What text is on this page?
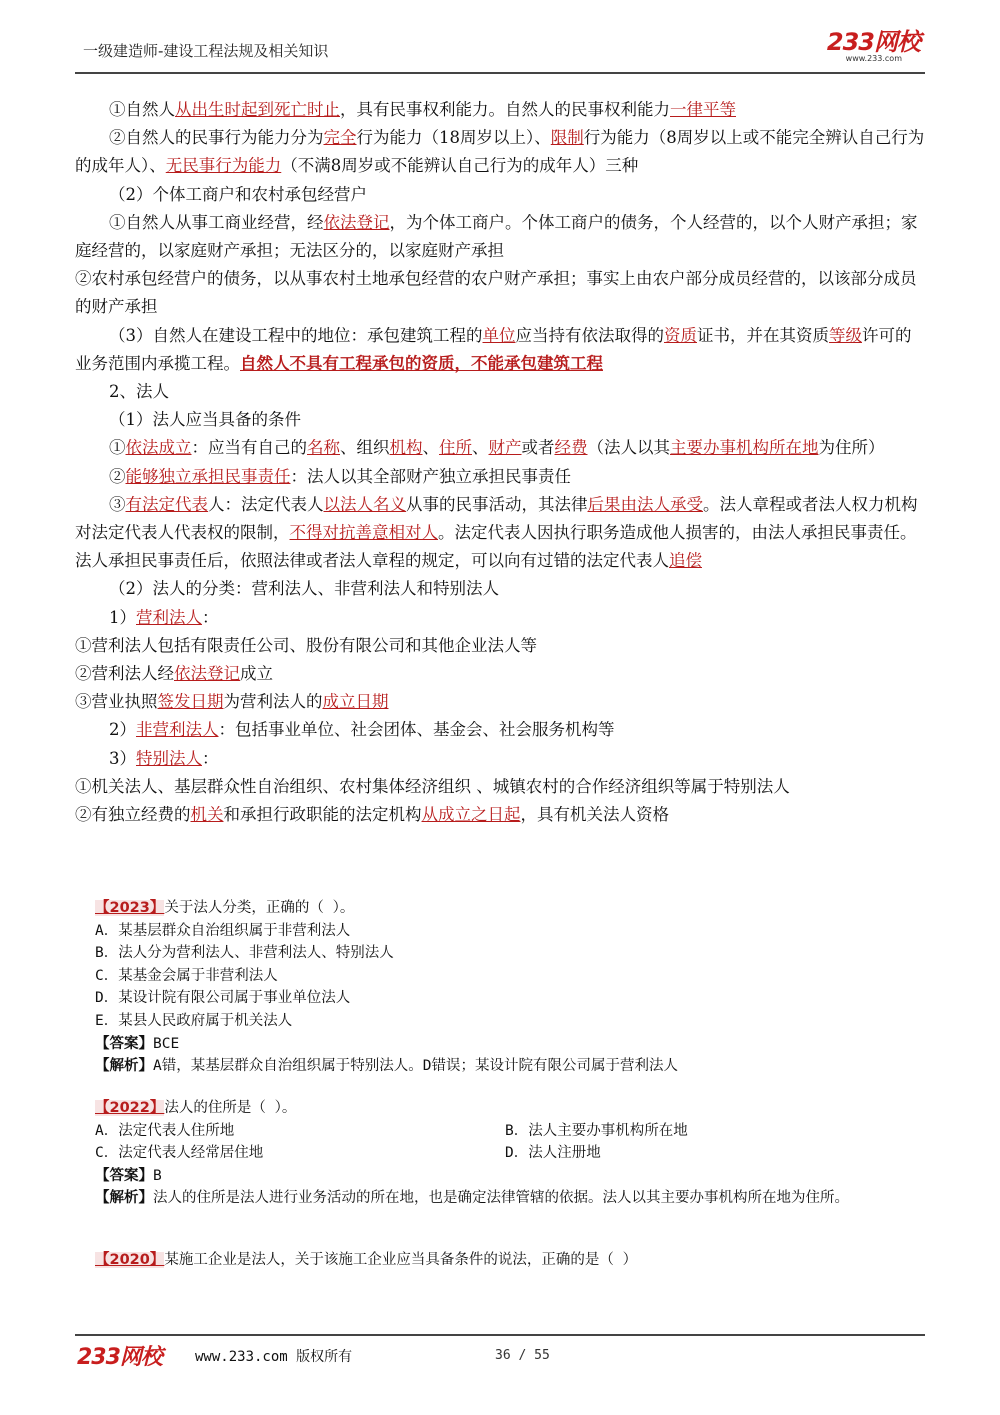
一级建造师-建设工程法规及相关知识	233网校
www.233.com

①自然人从出生时起到死亡时止，具有民事权利能力。自然人的民事权利能力一律平等

②自然人的民事行为能力分为完全行为能力（18周岁以上）、限制行为能力（8周岁以上或不能完全辨认自己行为的成年人）、无民事行为能力（不满8周岁或不能辨认自己行为的成年人）三种

（2）个体工商户和农村承包经营户

①自然人从事工商业经营，经依法登记，为个体工商户。个体工商户的债务，个人经营的，以个人财产承担；家庭经营的，以家庭财产承担；无法区分的，以家庭财产承担

②农村承包经营户的债务，以从事农村土地承包经营的农户财产承担；事实上由农户部分成员经营的，以该部分成员的财产承担

（3）自然人在建设工程中的地位：承包建筑工程的单位应当持有依法取得的资质证书，并在其资质等级许可的业务范围内承揽工程。自然人不具有工程承包的资质，不能承包建筑工程

2、法人

（1）法人应当具备的条件

①依法成立：应当有自己的名称、组织机构、住所、财产或者经费（法人以其主要办事机构所在地为住所）

②能够独立承担民事责任：法人以其全部财产独立承担民事责任

③有法定代表人：法定代表人以法人名义从事的民事活动，其法律后果由法人承受。法人章程或者法人权力机构对法定代表人代表权的限制，不得对抗善意相对人。法定代表人因执行职务造成他人损害的，由法人承担民事责任。法人承担民事责任后，依照法律或者法人章程的规定，可以向有过错的法定代表人追偿

（2）法人的分类：营利法人、非营利法人和特别法人

1）营利法人：

①营利法人包括有限责任公司、股份有限公司和其他企业法人等

②营利法人经依法登记成立

③营业执照签发日期为营利法人的成立日期

2）非营利法人：包括事业单位、社会团体、基金会、社会服务机构等

3）特别法人：

①机关法人、基层群众性自治组织、农村集体经济组织 、城镇农村的合作经济组织等属于特别法人

②有独立经费的机关和承担行政职能的法定机构从成立之日起，具有机关法人资格

【2023】关于法人分类，正确的（ ）。

A．某基层群众自治组织属于非营利法人

B．法人分为营利法人、非营利法人、特别法人

C．某基金会属于非营利法人

D．某设计院有限公司属于事业单位法人

E．某县人民政府属于机关法人

【答案】BCE

【解析】A错，某基层群众自治组织属于特别法人。D错误；某设计院有限公司属于营利法人

【2022】法人的住所是（ ）。

A．法定代表人住所地	B．法人主要办事机构所在地

C．法定代表人经常居住地	D．法人注册地

【答案】B

【解析】法人的住所是法人进行业务活动的所在地，也是确定法律管辖的依据。法人以其主要办事机构所在地为住所。

【2020】某施工企业是法人，关于该施工企业应当具备条件的说法，正确的是（ ）

233网校 www.233.com 版权所有	36 / 55
